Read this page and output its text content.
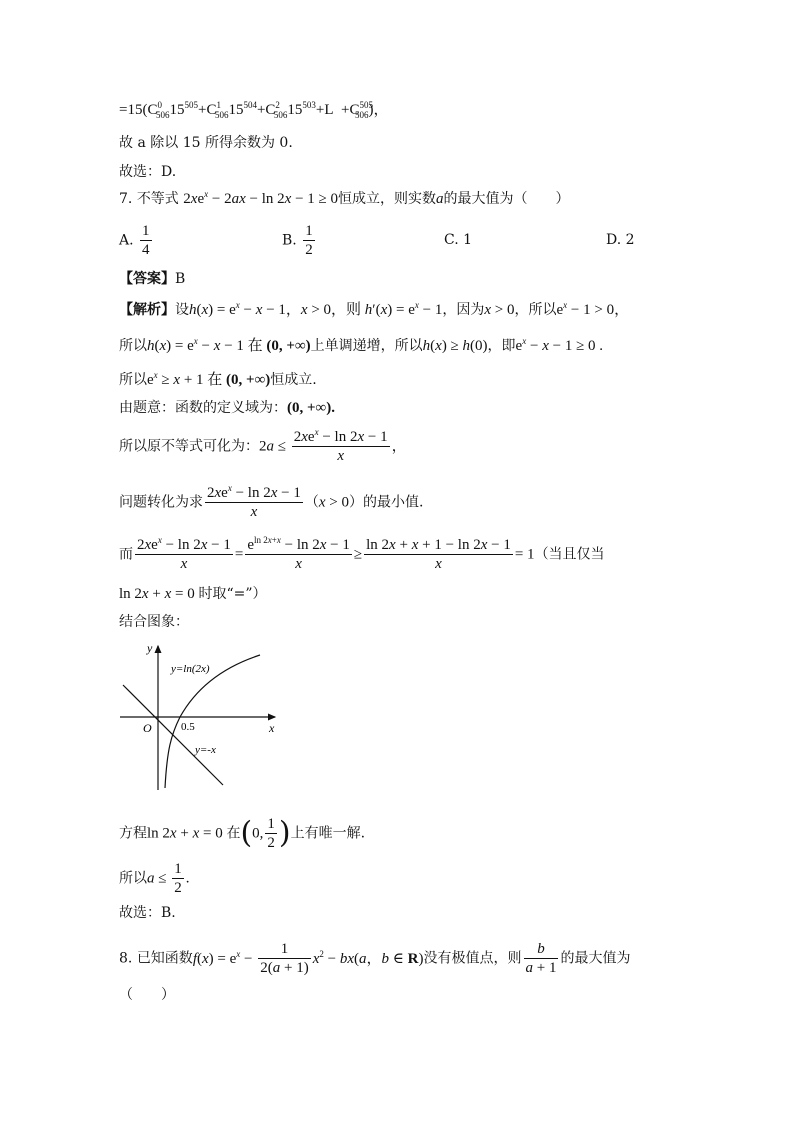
$=15(C^0_{506}15^{505}+C^1_{506}15^{504}+C^2_{506}15^{503}+L +C^{505}_{506})$，
故 a 除以 15 所得余数为 0.
故选：D.
7. 不等式 $2xe^x - 2ax - \ln 2x - 1 \ge 0$恒成立，则实数a的最大值为（　　）
A. $\frac{1}{4}$	B. $\frac{1}{2}$	C. 1	D. 2
【答案】B
【解析】设$h(x) = e^x - x - 1$，x > 0，则 $h'(x) = e^x - 1$，因为x > 0，所以$e^x - 1 > 0$，
所以$h(x) = e^x - x - 1$ 在 (0, +∞)上单调递增，所以h(x) ≥ h(0)，即$e^x - x - 1 \ge 0$ .
所以$e^x \ge x + 1$ 在 (0, +∞)恒成立.
由题意：函数的定义域为：(0, +∞).
所以原不等式可化为：$2a \le \frac{2xe^x - \ln 2x - 1}{x}$ ，
问题转化为求 $\frac{2xe^x - \ln 2x - 1}{x} (x > 0)$的最小值.
而 $\frac{2xe^x - \ln 2x - 1}{x} = \frac{e^{ln 2x+x} - \ln 2x - 1}{x} \ge \frac{\ln 2x + x + 1 - \ln 2x - 1}{x} = 1$（当且仅当
ln 2x + x = 0 时取“=”）
结合图象：
y
x
O	0.5
y=ln(2x)
y=-x
方程ln 2x + x = 0 在(0, $\frac{1}{2}$ )上有唯一解.
所以$a \le \frac{1}{2}$ .
故选：B.
8. 已知函数$f(x) = e^x - \frac{1}{2(a + 1)} x^2 - bx(a$，b ∈ R)没有极值点，则 $\frac{b}{a + 1}$ 的最大值为
（　　）
